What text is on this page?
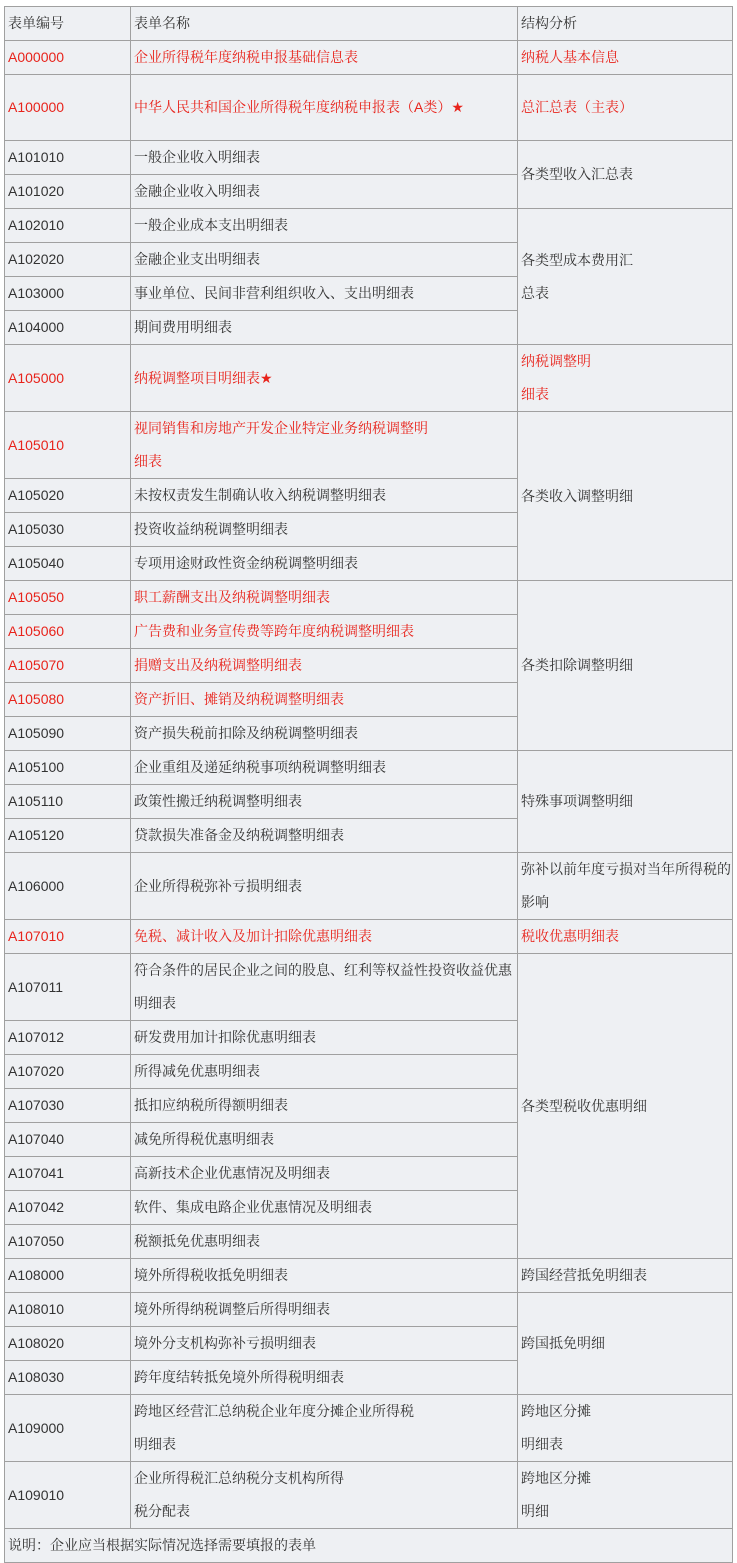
表单编号	表单名称	结构分析
A000000	企业所得税年度纳税申报基础信息表	纳税人基本信息
A100000	中华人民共和国企业所得税年度纳税申报表（A类）★	总汇总表（主表）
A101010	一般企业收入明细表	各类型收入汇总表
A101020	金融企业收入明细表	
A102010	一般企业成本支出明细表	各类型成本费用汇总表

A102020	金融企业支出明细表	
A103000	事业单位、民间非营利组织收入、支出明细表	
A104000	期间费用明细表	
A105000	纳税调整项目明细表★	纳税调整明细表

A105010	视同销售和房地产开发企业特定业务纳税调整明细表	各类收入调整明细
A105020	未按权责发生制确认收入纳税调整明细表	
A105030	投资收益纳税调整明细表	
A105040	专项用途财政性资金纳税调整明细表	
A105050	职工薪酬支出及纳税调整明细表	各类扣除调整明细
A105060	广告费和业务宣传费等跨年度纳税调整明细表	
A105070	捐赠支出及纳税调整明细表	
A105080	资产折旧、摊销及纳税调整明细表	
A105090	资产损失税前扣除及纳税调整明细表	
A105100	企业重组及递延纳税事项纳税调整明细表	特殊事项调整明细
A105110	政策性搬迁纳税调整明细表	
A105120	贷款损失准备金及纳税调整明细表	
A106000	企业所得税弥补亏损明细表	弥补以前年度亏损对当年所得税的影响

A107010	免税、减计收入及加计扣除优惠明细表	税收优惠明细表
A107011	符合条件的居民企业之间的股息、红利等权益性投资收益优惠明细表	各类型税收优惠明细
A107012	研发费用加计扣除优惠明细表	
A107020	所得减免优惠明细表	
A107030	抵扣应纳税所得额明细表	
A107040	减免所得税优惠明细表	
A107041	高新技术企业优惠情况及明细表	
A107042	软件、集成电路企业优惠情况及明细表	
A107050	税额抵免优惠明细表	
A108000	境外所得税收抵免明细表	跨国经营抵免明细表
A108010	境外所得纳税调整后所得明细表	跨国抵免明细
A108020	境外分支机构弥补亏损明细表	
A108030	跨年度结转抵免境外所得税明细表	
A109000	跨地区经营汇总纳税企业年度分摊企业所得税明细表	跨地区分摊明细表

A109010	企业所得税汇总纳税分支机构所得税分配表	跨地区分摊明细

说明：企业应当根据实际情况选择需要填报的表单		
